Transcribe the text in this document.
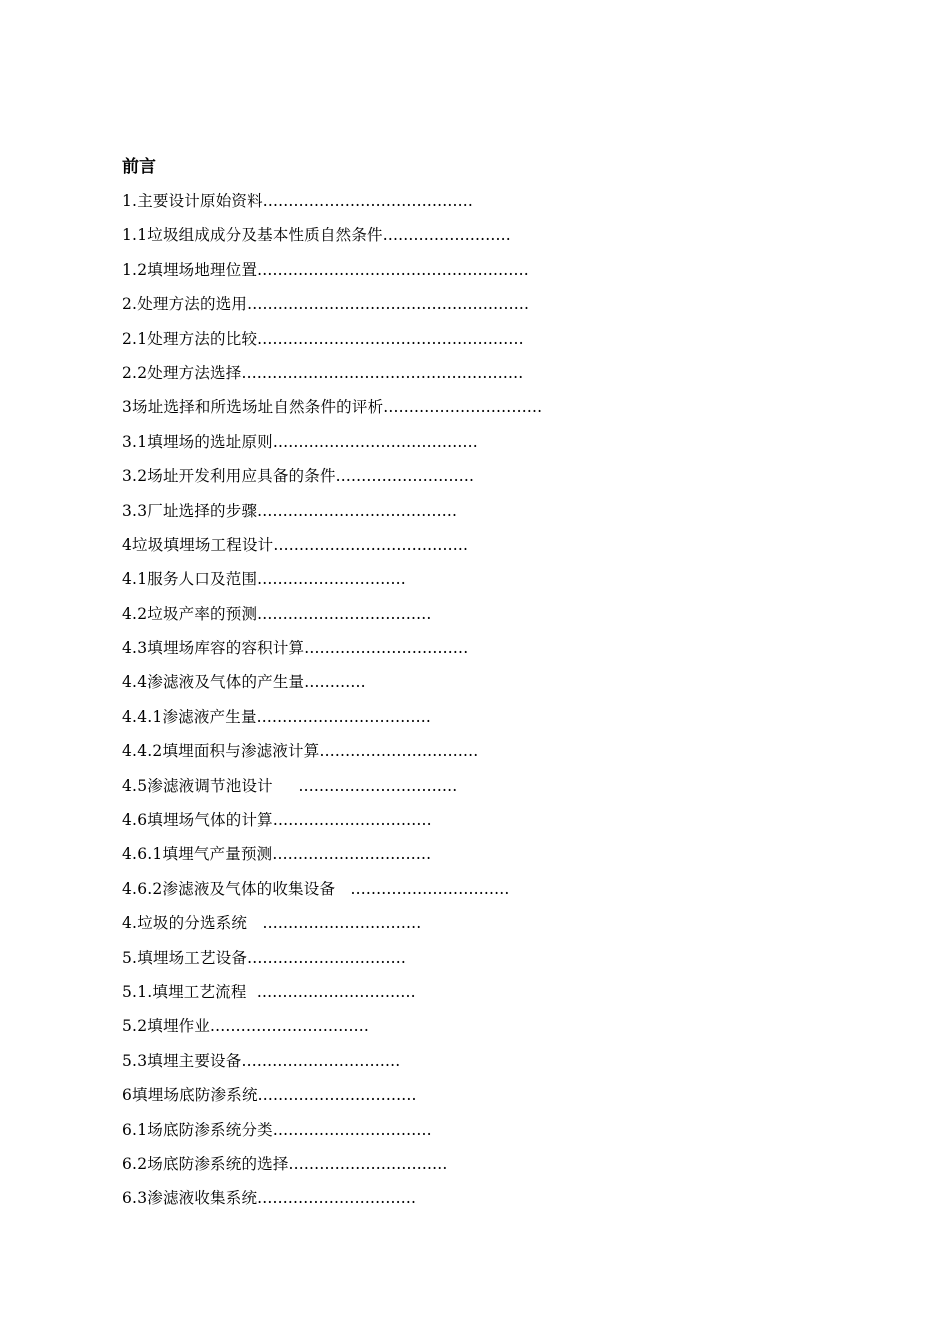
前言
1.主要设计原始资料.........................................
1.1垃圾组成成分及基本性质自然条件.........................
1.2填埋场地理位置.....................................................
2.处理方法的选用.......................................................
2.1处理方法的比较....................................................
2.2处理方法选择.......................................................
3场址选择和所选场址自然条件的评析...............................
3.1填埋场的选址原则........................................
3.2场址开发利用应具备的条件...........................
3.3厂址选择的步骤.......................................
4垃圾填埋场工程设计......................................
4.1服务人口及范围.............................
4.2垃圾产率的预测..................................
4.3填埋场库容的容积计算................................
4.4渗滤液及气体的产生量............
4.4.1渗滤液产生量..................................
4.4.2填埋面积与渗滤液计算...............................
4.5渗滤液调节池设计     ...............................
4.6填埋场气体的计算...............................
4.6.1填埋气产量预测...............................
4.6.2渗滤液及气体的收集设备   ...............................
4.垃圾的分选系统   ...............................
5.填埋场工艺设备...............................
5.1.填埋工艺流程  ...............................
5.2填埋作业...............................
5.3填埋主要设备...............................
6填埋场底防渗系统...............................
6.1场底防渗系统分类...............................
6.2场底防渗系统的选择...............................
6.3渗滤液收集系统...............................
